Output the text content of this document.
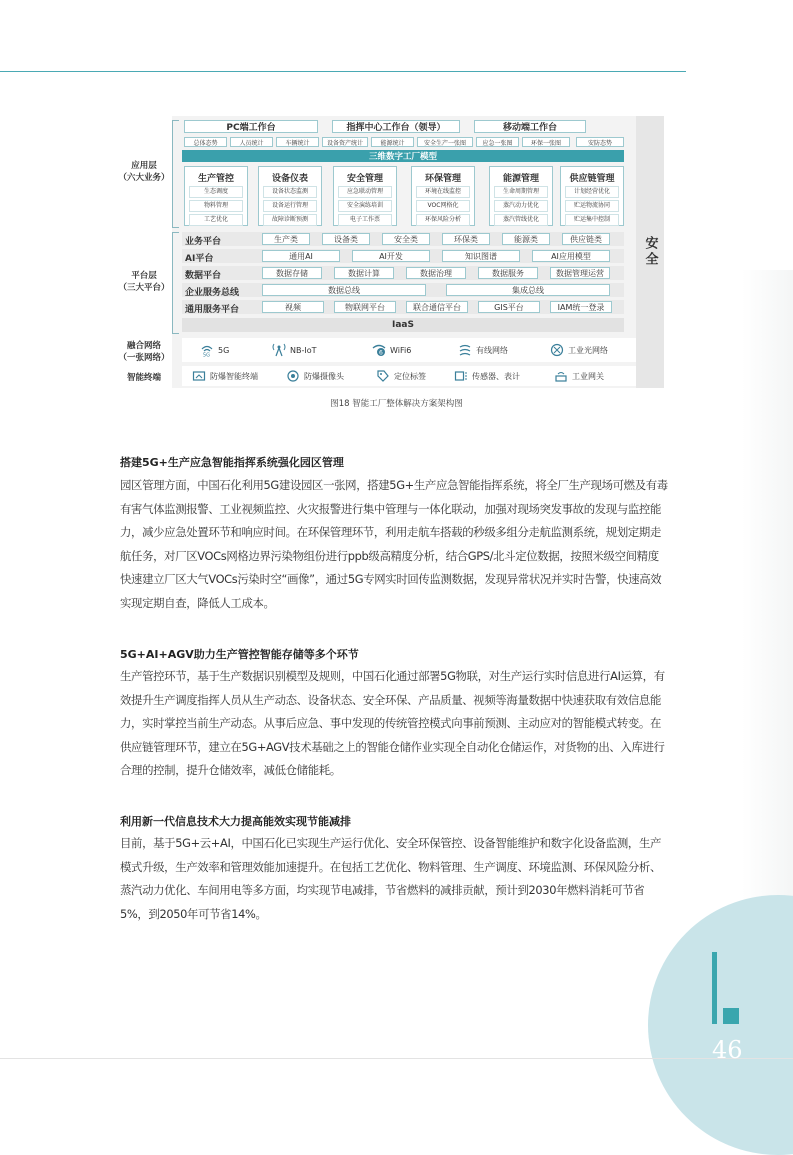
46
应用层
（六大业务）
平台层
（三大平台）
融合网络
（一张网络）
智能终端
安全
PC端工作台	指挥中心工作台（领导）	移动端工作台
总体态势	人员统计	车辆统计	设备资产统计	能源统计	安全生产一张图	应急一张图	环保一张图	安防态势
三维数字工厂模型
生产管控
生态调度
物料管理
工艺优化
设备仪表
设备状态监测
设备运行管理
故障诊断预测
安全管理
应急联动管理
安全演练培训
电子工作票
环保管理
环境在线监控
VOC网格化
环保风险分析
能源管理
生命周期管理
蒸汽动力优化
蒸汽管线优化
供应链管理
计划经营优化
贮运物流协同
贮运集中控制
业务平台	生产类	设备类	安全类	环保类	能源类	供应链类
AI平台	通用AI	AI开发	知识图谱	AI应用模型
数据平台	数据存储	数据计算	数据治理	数据服务	数据管理运营
企业服务总线	数据总线	集成总线
通用服务平台	视频	物联网平台	联合通信平台	GIS平台	IAM统一登录
IaaS
5G
5G	NB-IoT	6 WiFi6	有线网络	工业光网络
防爆智能终端	防爆摄像头	定位标签	传感器、表计	工业网关
图18 智能工厂整体解决方案架构图
搭建5G+生产应急智能指挥系统强化园区管理
园区管理方面，中国石化利用5G建设园区一张网，搭建5G+生产应急智能指挥系统，将全厂生产现场可燃及有毒有害气体监测报警、工业视频监控、火灾报警进行集中管理与一体化联动，加强对现场突发事故的发现与监控能力，减少应急处置环节和响应时间。在环保管理环节，利用走航车搭载的秒级多组分走航监测系统，规划定期走航任务，对厂区VOCs网格边界污染物组份进行ppb级高精度分析，结合GPS/北斗定位数据，按照米级空间精度快速建立厂区大气VOCs污染时空“画像”，通过5G专网实时回传监测数据，发现异常状况并实时告警，快速高效实现定期自查，降低人工成本。
5G+AI+AGV助力生产管控智能存储等多个环节
生产管控环节，基于生产数据识别模型及规则，中国石化通过部署5G物联，对生产运行实时信息进行AI运算，有效提升生产调度指挥人员从生产动态、设备状态、安全环保、产品质量、视频等海量数据中快速获取有效信息能力，实时掌控当前生产动态。从事后应急、事中发现的传统管控模式向事前预测、主动应对的智能模式转变。在供应链管理环节，建立在5G+AGV技术基础之上的智能仓储作业实现全自动化仓储运作，对货物的出、入库进行合理的控制，提升仓储效率，减低仓储能耗。
利用新一代信息技术大力提高能效实现节能减排
目前，基于5G+云+AI，中国石化已实现生产运行优化、安全环保管控、设备智能维护和数字化设备监测，生产模式升级，生产效率和管理效能加速提升。在包括工艺优化、物料管理、生产调度、环境监测、环保风险分析、蒸汽动力优化、车间用电等多方面，均实现节电减排，节省燃料的减排贡献，预计到2030年燃料消耗可节省5%，到2050年可节省14%。
